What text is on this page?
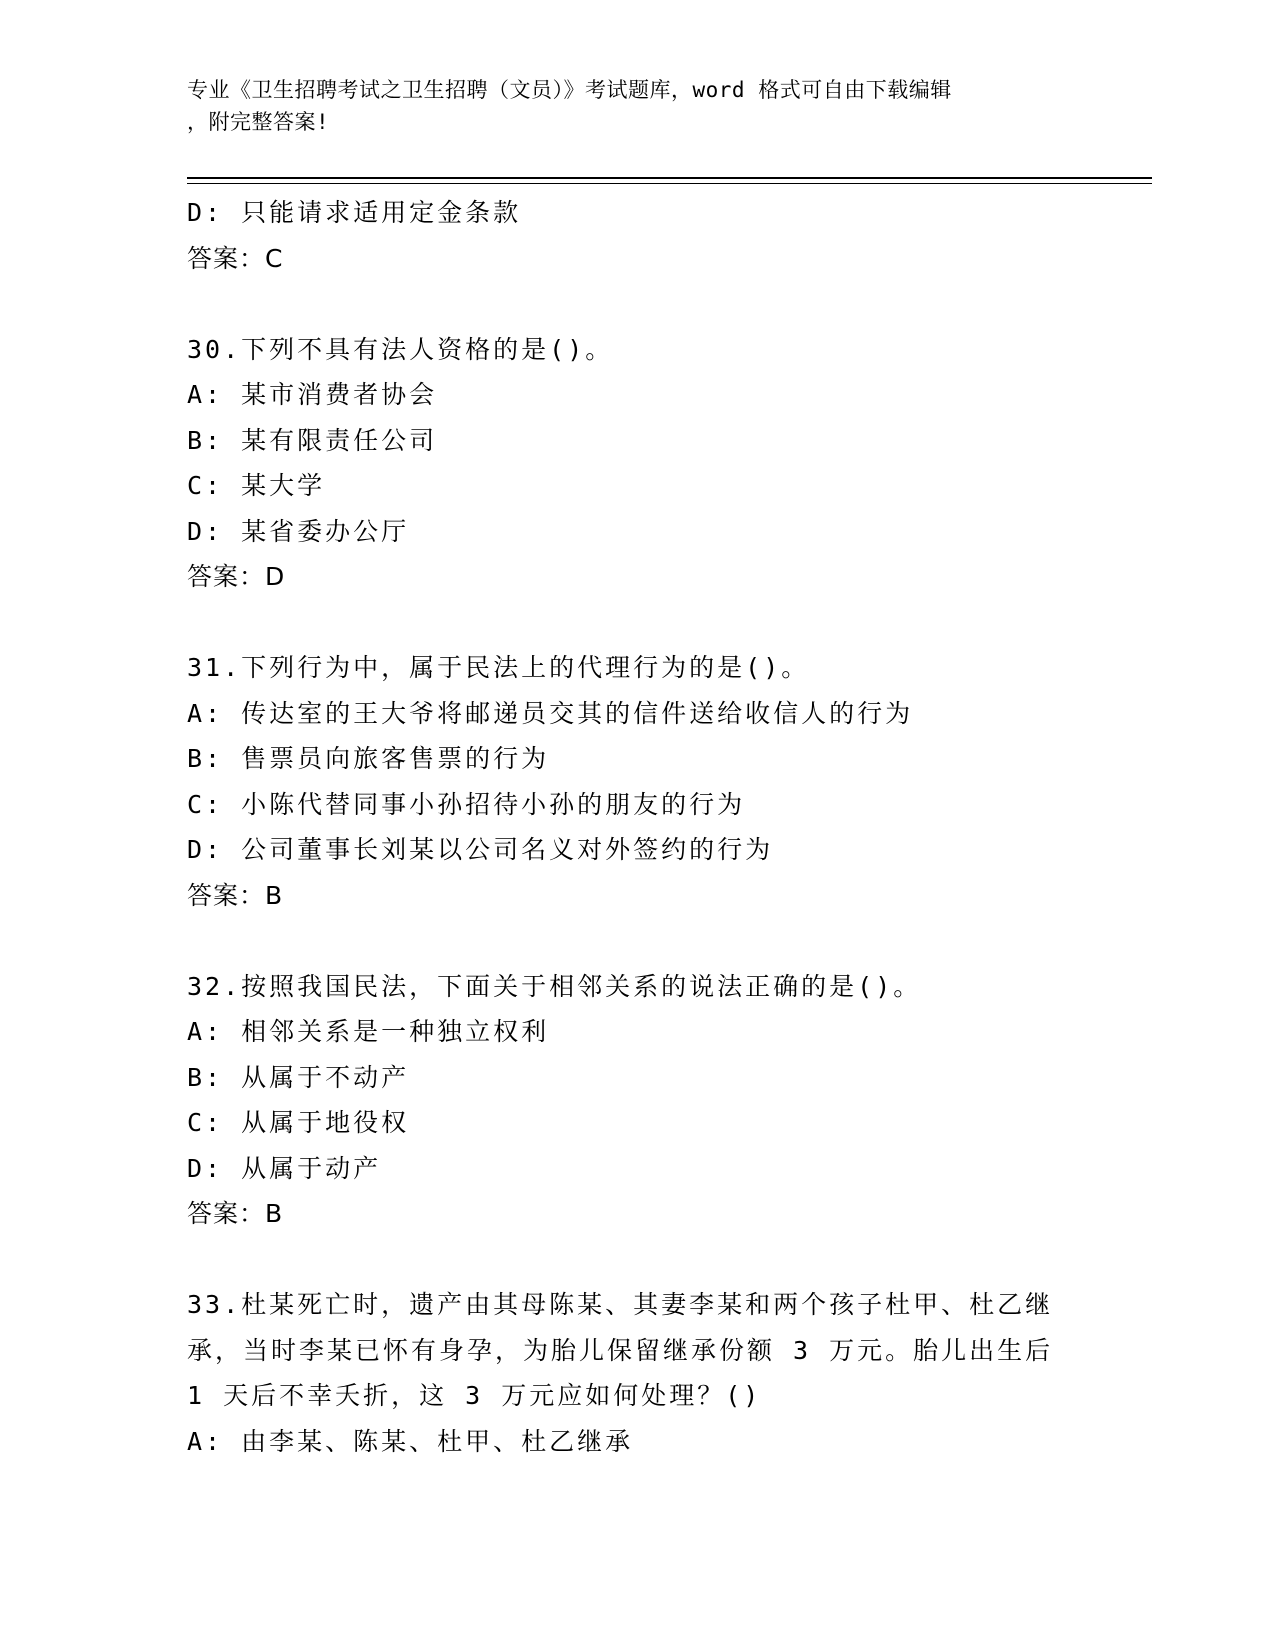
专业《卫生招聘考试之卫生招聘（文员）》考试题库，word 格式可自由下载编辑
，附完整答案!
D: 只能请求适用定金条款
答案：C
30.下列不具有法人资格的是()。
A: 某市消费者协会
B: 某有限责任公司
C: 某大学
D: 某省委办公厅
答案：D
31.下列行为中，属于民法上的代理行为的是()。
A: 传达室的王大爷将邮递员交其的信件送给收信人的行为
B: 售票员向旅客售票的行为
C: 小陈代替同事小孙招待小孙的朋友的行为
D: 公司董事长刘某以公司名义对外签约的行为
答案：B
32.按照我国民法，下面关于相邻关系的说法正确的是()。
A: 相邻关系是一种独立权利
B: 从属于不动产
C: 从属于地役权
D: 从属于动产
答案：B
33.杜某死亡时，遗产由其母陈某、其妻李某和两个孩子杜甲、杜乙继
承，当时李某已怀有身孕，为胎儿保留继承份额 3 万元。胎儿出生后
1 天后不幸夭折，这 3 万元应如何处理？()
A: 由李某、陈某、杜甲、杜乙继承
